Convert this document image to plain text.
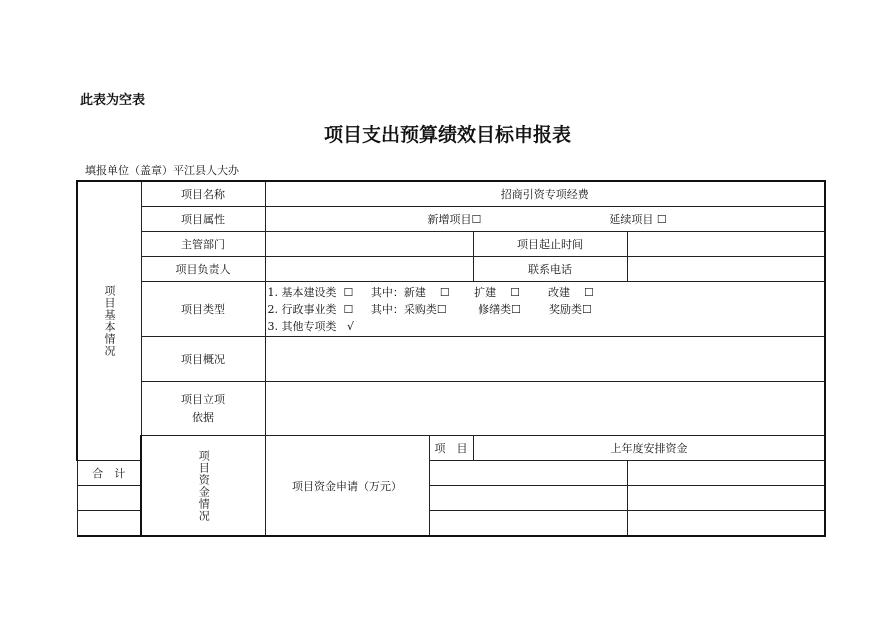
此表为空表
项目支出预算绩效目标申报表
填报单位（盖章）平江县人大办
项目基本情况	项目名称	招商引资专项经费				
	项目属性	新增项目☐ 延续项目 ☐				

	主管部门			项目起止时间		
	项目负责人			联系电话		
	项目类型	1. 基本建设类  ☐     其中：新建    ☐       扩建    ☐        改建    ☐
2. 行政事业类  ☐     其中：采购类☐         修缮类☐        奖励类☐
3. 其他专项类   √				

	项目概况					

	项目立项
依据					

	项目资金情况	项目资金申请（万元）	项　目	上年度安排资金	
合　计						
